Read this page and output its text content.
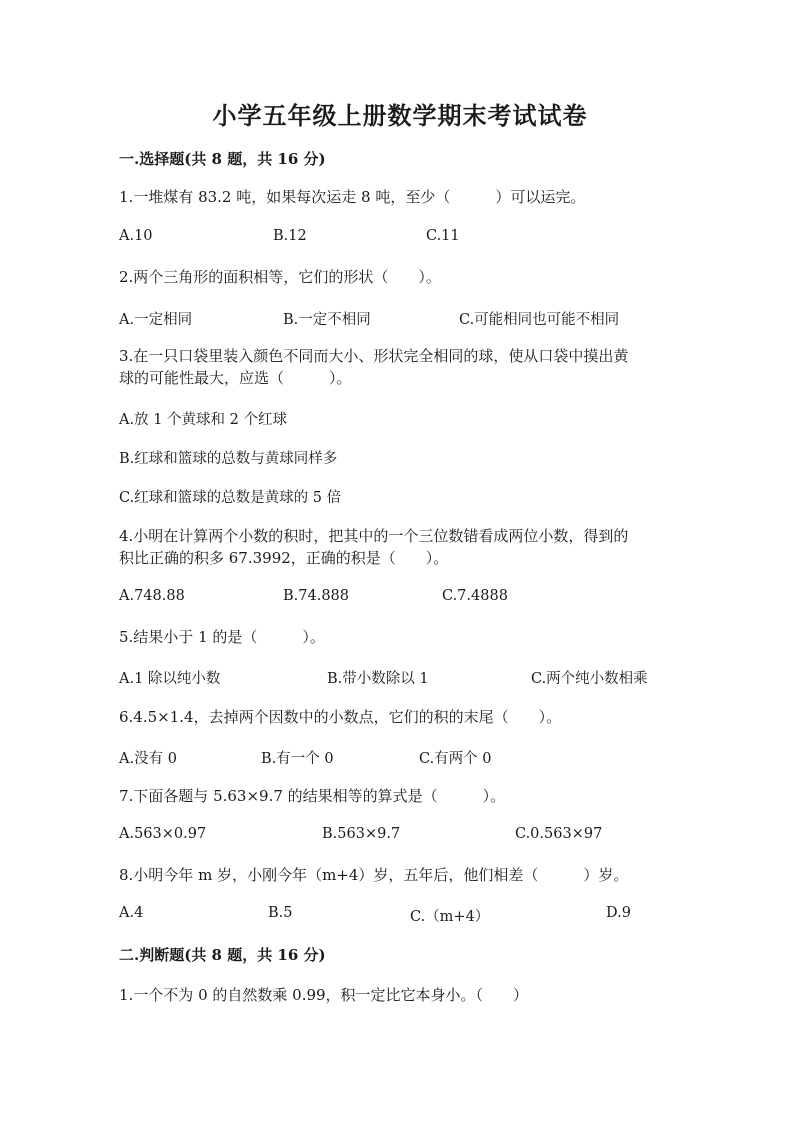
小学五年级上册数学期末考试试卷
一.选择题(共 8 题，共 16 分)
1.一堆煤有 83.2 吨，如果每次运走 8 吨，至少（　　　）可以运完。
A.10	B.12	C.11
2.两个三角形的面积相等，它们的形状（　　）。
A.一定相同	B.一定不相同	C.可能相同也可能不相同
3.在一只口袋里装入颜色不同而大小、形状完全相同的球，使从口袋中摸出黄
球的可能性最大，应选（　　　）。
A.放 1 个黄球和 2 个红球
B.红球和篮球的总数与黄球同样多
C.红球和篮球的总数是黄球的 5 倍
4.小明在计算两个小数的积时，把其中的一个三位数错看成两位小数，得到的
积比正确的积多 67.3992，正确的积是（　　）。
A.748.88	B.74.888	C.7.4888
5.结果小于 1 的是（　　　）。
A.1 除以纯小数	B.带小数除以 1	C.两个纯小数相乘
6.4.5×1.4，去掉两个因数中的小数点，它们的积的末尾（　　）。
A.没有 0	B.有一个 0	C.有两个 0
7.下面各题与 5.63×9.7 的结果相等的算式是（　　　）。
A.563×0.97	B.563×9.7	C.0.563×97
8.小明今年 m 岁，小刚今年（m+4）岁，五年后，他们相差（　　　）岁。
A.4	B.5	C.（m+4）	D.9
二.判断题(共 8 题，共 16 分)
1.一个不为 0 的自然数乘 0.99，积一定比它本身小。（　　）
